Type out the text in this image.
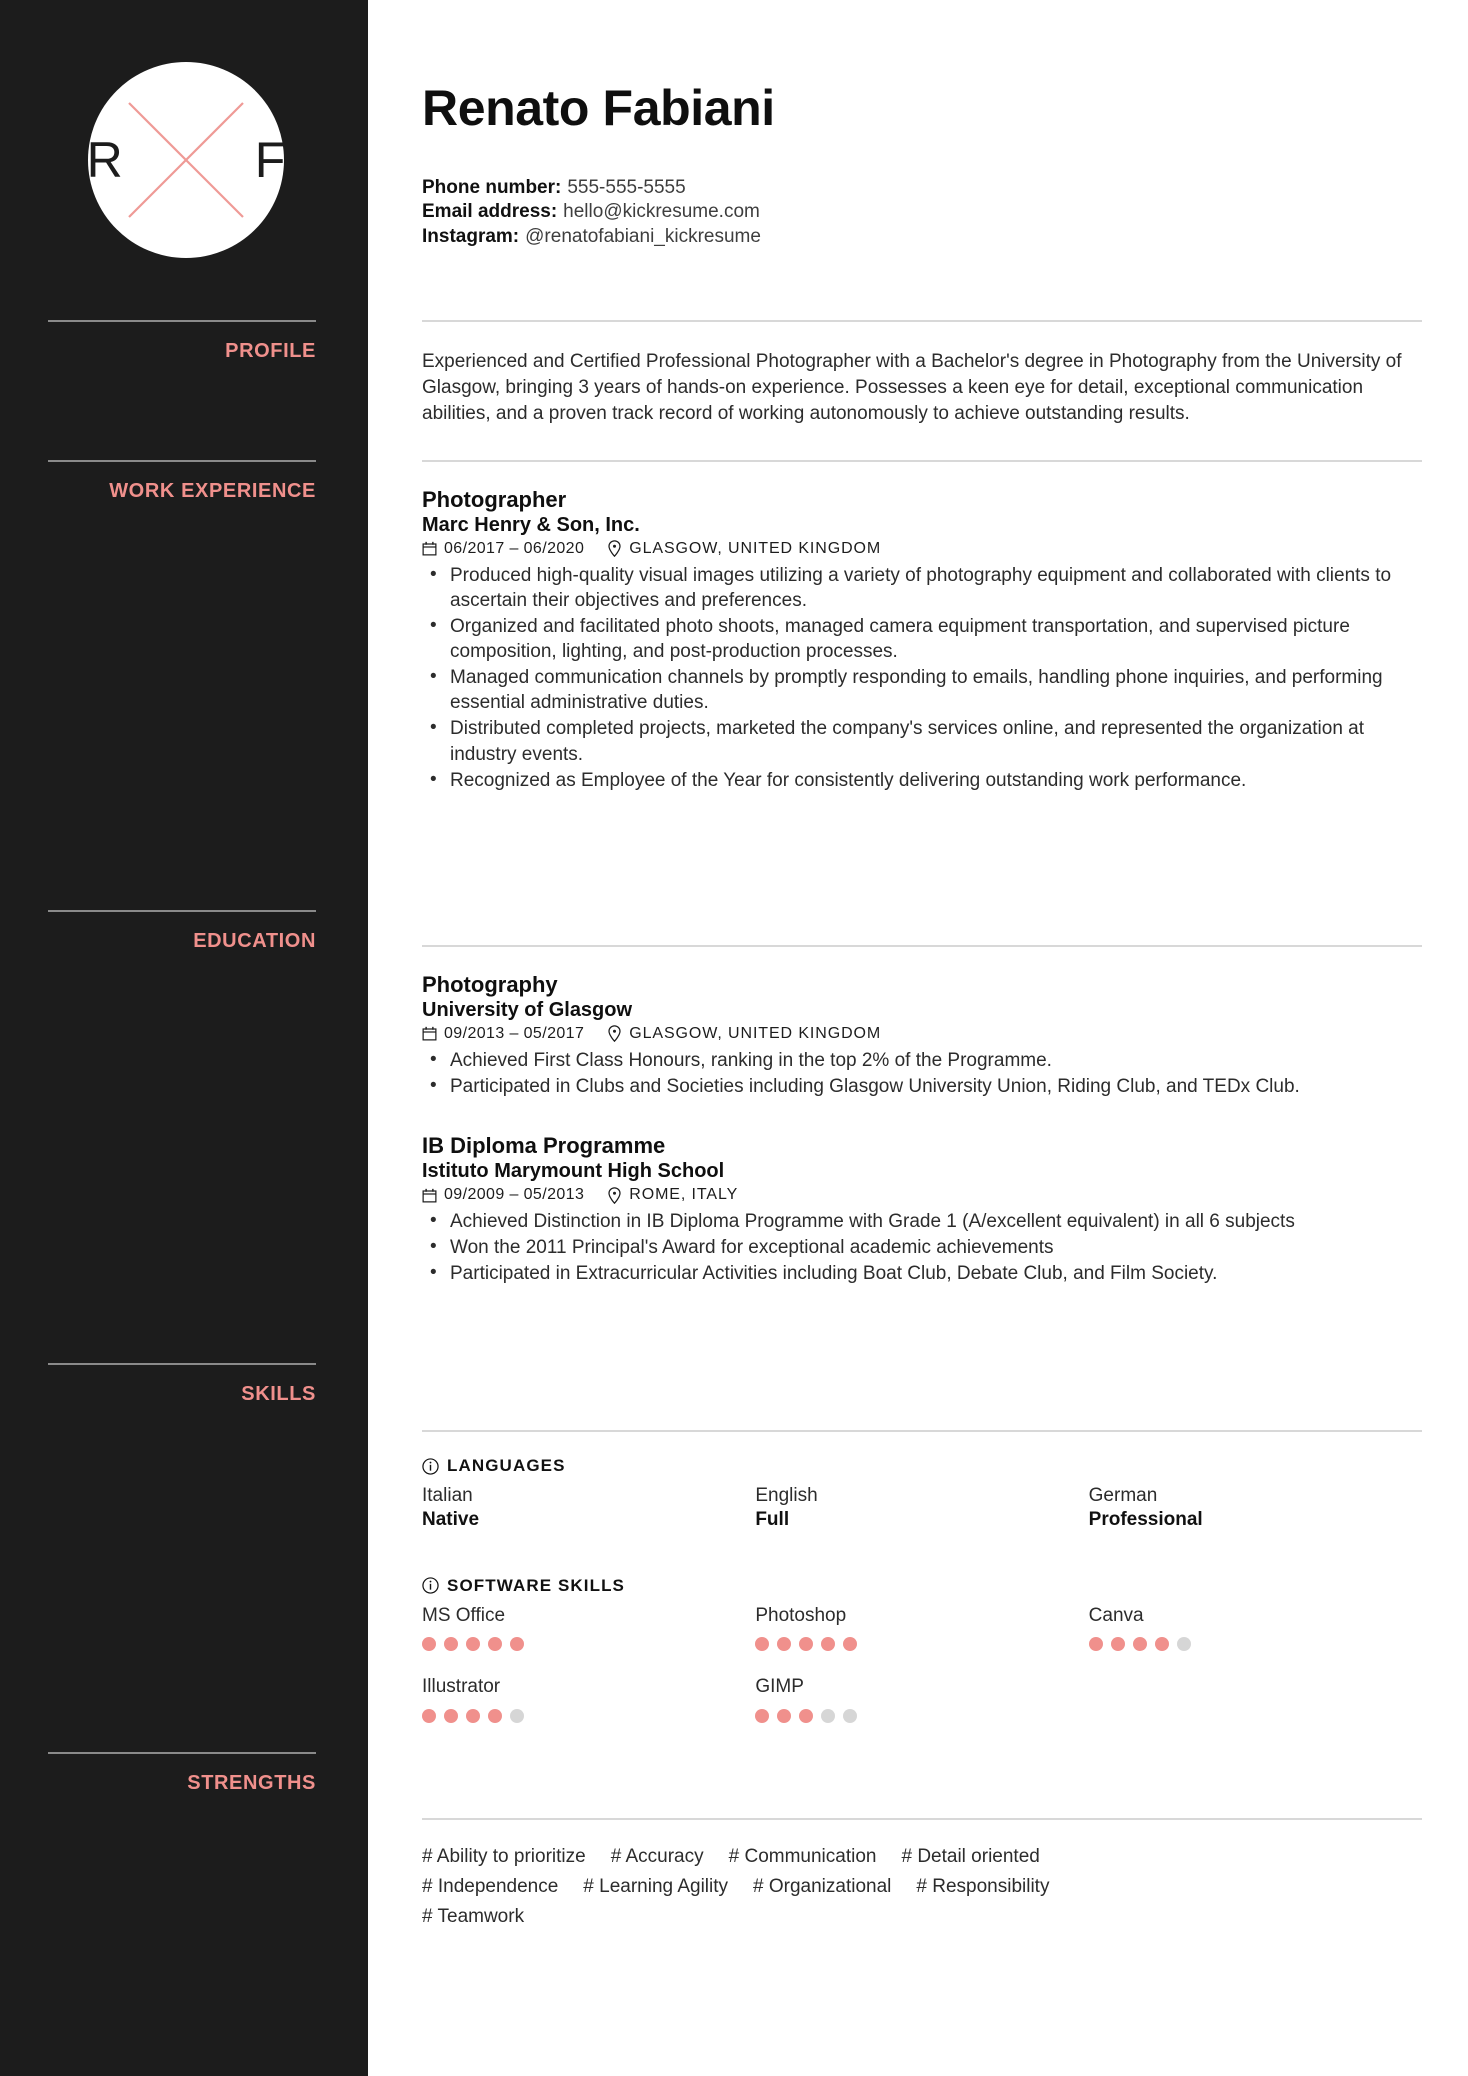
R	F
PROFILE
WORK EXPERIENCE
EDUCATION
SKILLS
STRENGTHS
Renato Fabiani
Phone number: 555-555-5555
Email address: hello@kickresume.com
Instagram: @renatofabiani_kickresume

Experienced and Certified Professional Photographer with a Bachelor's degree in Photography from the University of Glasgow, bringing 3 years of hands-on experience. Possesses a keen eye for detail, exceptional communication abilities, and a proven track record of working autonomously to achieve outstanding results.

Photographer
Marc Henry & Son, Inc.
06/2017 – 06/2020	GLASGOW, UNITED KINGDOM
• Produced high-quality visual images utilizing a variety of photography equipment and collaborated with clients to ascertain their objectives and preferences.
• Organized and facilitated photo shoots, managed camera equipment transportation, and supervised picture composition, lighting, and post-production processes.
• Managed communication channels by promptly responding to emails, handling phone inquiries, and performing essential administrative duties.
• Distributed completed projects, marketed the company's services online, and represented the organization at industry events.
• Recognized as Employee of the Year for consistently delivering outstanding work performance.
Photography
University of Glasgow
09/2013 – 05/2017	GLASGOW, UNITED KINGDOM
• Achieved First Class Honours, ranking in the top 2% of the Programme.
• Participated in Clubs and Societies including Glasgow University Union, Riding Club, and TEDx Club.
IB Diploma Programme
Istituto Marymount High School
09/2009 – 05/2013	ROME, ITALY
• Achieved Distinction in IB Diploma Programme with Grade 1 (A/excellent equivalent) in all 6 subjects
• Won the 2011 Principal's Award for exceptional academic achievements
• Participated in Extracurricular Activities including Boat Club, Debate Club, and Film Society.
LANGUAGES
Italian
Native
English
Full
German
Professional
SOFTWARE SKILLS
MS Office	Photoshop	Canva
Illustrator	GIMP
# Ability to prioritize # Accuracy # Communication # Detail oriented
# Independence # Learning Agility # Organizational # Responsibility
# Teamwork
